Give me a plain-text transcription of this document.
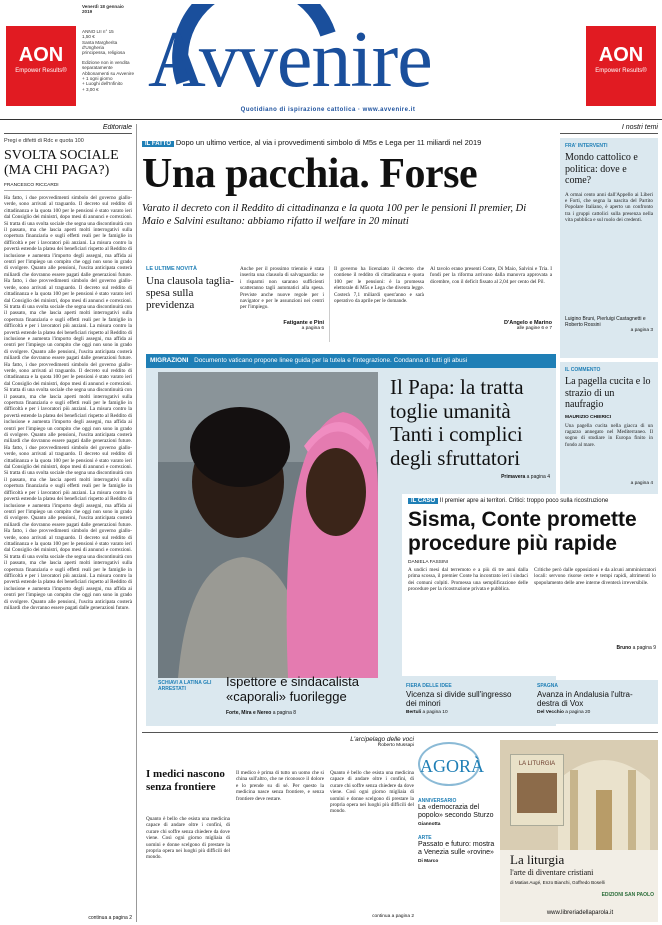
AON
Empower Results®
Venerdì 18 gennaio 2019
ANNO LII n° 15
1,50 €
Santa Margherita d'Ungheria
principessa, religiosa
Edizione non in vendita separatamente
Abbonamenti su Avvenire
+ 1 ogni giorno
+ Luoghi dell'Infinito
+ 3,00 € Avvenire
Quotidiano di ispirazione cattolica · www.avvenire.it
AON
Empower Results®
Editoriale
Pregi e difetti di Rdc e quota 100
SVOLTA SOCIALE (MA CHI PAGA?)
FRANCESCO RICCARDI
Ha fatto, i due provvedimenti simbolo del governo giallo-verde, sono arrivati al traguardo. Il decreto sul reddito di cittadinanza e la quota 100 per le pensioni è stato varato ieri dal Consiglio dei ministri, dopo mesi di annunci e correzioni. Si tratta di una svolta sociale che segna una discontinuità con il passato, ma che lascia aperti molti interrogativi sulla copertura finanziaria e sugli effetti reali per le famiglie in difficoltà e per i lavoratori più anziani. La misura contro la povertà estende la platea dei beneficiari rispetto al Reddito di inclusione e aumenta l'importo degli assegni, ma affida ai centri per l'impiego un compito che oggi non sono in grado di svolgere. Quanto alle pensioni, l'uscita anticipata costerà miliardi che dovranno essere pagati dalle generazioni future. Ha fatto, i due provvedimenti simbolo del governo giallo-verde, sono arrivati al traguardo. Il decreto sul reddito di cittadinanza e la quota 100 per le pensioni è stato varato ieri dal Consiglio dei ministri, dopo mesi di annunci e correzioni. Si tratta di una svolta sociale che segna una discontinuità con il passato, ma che lascia aperti molti interrogativi sulla copertura finanziaria e sugli effetti reali per le famiglie in difficoltà e per i lavoratori più anziani. La misura contro la povertà estende la platea dei beneficiari rispetto al Reddito di inclusione e aumenta l'importo degli assegni, ma affida ai centri per l'impiego un compito che oggi non sono in grado di svolgere. Quanto alle pensioni, l'uscita anticipata costerà miliardi che dovranno essere pagati dalle generazioni future. Ha fatto, i due provvedimenti simbolo del governo giallo-verde, sono arrivati al traguardo. Il decreto sul reddito di cittadinanza e la quota 100 per le pensioni è stato varato ieri dal Consiglio dei ministri, dopo mesi di annunci e correzioni. Si tratta di una svolta sociale che segna una discontinuità con il passato, ma che lascia aperti molti interrogativi sulla copertura finanziaria e sugli effetti reali per le famiglie in difficoltà e per i lavoratori più anziani. La misura contro la povertà estende la platea dei beneficiari rispetto al Reddito di inclusione e aumenta l'importo degli assegni, ma affida ai centri per l'impiego un compito che oggi non sono in grado di svolgere. Quanto alle pensioni, l'uscita anticipata costerà miliardi che dovranno essere pagati dalle generazioni future. Ha fatto, i due provvedimenti simbolo del governo giallo-verde, sono arrivati al traguardo. Il decreto sul reddito di cittadinanza e la quota 100 per le pensioni è stato varato ieri dal Consiglio dei ministri, dopo mesi di annunci e correzioni. Si tratta di una svolta sociale che segna una discontinuità con il passato, ma che lascia aperti molti interrogativi sulla copertura finanziaria e sugli effetti reali per le famiglie in difficoltà e per i lavoratori più anziani. La misura contro la povertà estende la platea dei beneficiari rispetto al Reddito di inclusione e aumenta l'importo degli assegni, ma affida ai centri per l'impiego un compito che oggi non sono in grado di svolgere. Quanto alle pensioni, l'uscita anticipata costerà miliardi che dovranno essere pagati dalle generazioni future. Ha fatto, i due provvedimenti simbolo del governo giallo-verde, sono arrivati al traguardo. Il decreto sul reddito di cittadinanza e la quota 100 per le pensioni è stato varato ieri dal Consiglio dei ministri, dopo mesi di annunci e correzioni. Si tratta di una svolta sociale che segna una discontinuità con il passato, ma che lascia aperti molti interrogativi sulla copertura finanziaria e sugli effetti reali per le famiglie in difficoltà e per i lavoratori più anziani. La misura contro la povertà estende la platea dei beneficiari rispetto al Reddito di inclusione e aumenta l'importo degli assegni, ma affida ai centri per l'impiego un compito che oggi non sono in grado di svolgere. Quanto alle pensioni, l'uscita anticipata costerà miliardi che dovranno essere pagati dalle generazioni future.
continua a pagina 2
IL FATTO Dopo un ultimo vertice, al via i provvedimenti simbolo di M5s e Lega per 11 miliardi nel 2019
Una pacchia. Forse
Varato il decreto con il Reddito di cittadinanza e la quota 100 per le pensioni Il premier, Di Maio e Salvini esultano: abbiamo rifatto il welfare in 20 minuti
LE ULTIME NOVITÀ
Una clausola taglia-spesa sulla previdenza
Anche per il prossimo triennio è stata inserita una clausola di salvaguardia: se i risparmi non saranno sufficienti scatteranno tagli automatici alla spesa. Previste anche nuove regole per i navigator e per le assunzioni nei centri per l'impiego.
Fatigante e Pini
a pagina 6
Il governo ha licenziato il decreto che contiene il reddito di cittadinanza e quota 100 per le pensioni: è la promessa elettorale di M5s e Lega che diventa legge. Costerà 7,1 miliardi quest'anno e sarà operativo da aprile per le domande.
Al tavolo erano presenti Conte, Di Maio, Salvini e Tria. I fondi per la riforma arrivano dalla manovra approvata a dicembre, con il deficit fissato al 2,04 per cento del Pil.
D'Angelo e Marino
alle pagine 6 e 7
I nostri temi
FRA' INTERVENTI
Mondo cattolico e politica: dove e come?
A ormai cento anni dall'Appello ai Liberi e Forti, che segna la nascita del Partito Popolare Italiano, è aperto un confronto tra i gruppi cattolici sulla presenza nella vita pubblica e sul ruolo dei credenti.
Luigino Bruni, Pierluigi Castagnetti e Roberto Rossini
a pagina 3
IL COMMENTO
La pagella cucita e lo strazio di un naufragio
MAURIZIO CHIERICI
Una pagella cucita nella giacca di un ragazzo annegato nel Mediterraneo. Il sogno di studiare in Europa finito in fondo al mare.
a pagina 4
MIGRAZIONI Documento vaticano propone linee guida per la tutela e l'integrazione. Condanna di tutti gli abusi
Il Papa: la tratta toglie umanità Tanti i complici degli sfruttatori
Primavera a pagina 4
SCHIAVI A LATINA GLI ARRESTATI	Ispettore e sindacalista «caporali» fuorilegge
Forte, Mira e Nereo a pagina 8
IL CASO Il premier apre ai territori. Critici: troppo poco sulla ricostruzione
Sisma, Conte promette procedure più rapide
DANIELA FASSINI
A undici mesi dal terremoto e a più di tre anni dalla prima scossa, il premier Conte ha incontrato ieri i sindaci dei comuni colpiti. Promessa una semplificazione delle procedure per la ricostruzione privata e pubblica.
Critiche però dalle opposizioni e da alcuni amministratori locali: servono risorse certe e tempi rapidi, altrimenti lo spopolamento delle aree interne diventerà irreversibile.
Bruno a pagina 9
FIERA DELLE IDEE
Vicenza si divide sull'ingresso dei minori
Bertuli a pagina 10
SPAGNA
Avanza in Andalusia l'ultra-destra di Vox
Del Vecchio a pagina 20
L'arcipelago delle voci
Roberto Mussapi
I medici nascono senza frontiere
Quanto è bello che esista una medicina capace di andare oltre i confini, di curare chi soffre senza chiedere da dove viene. Così ogni giorno migliaia di uomini e donne scelgono di prestare la propria opera nei luoghi più difficili del mondo.
Il medico è prima di tutto un uomo che si china sull'altro, che ne riconosce il dolore e lo prende su di sé. Per questo la medicina nasce senza frontiere, e senza frontiere deve restare.
Quanto è bello che esista una medicina capace di andare oltre i confini, di curare chi soffre senza chiedere da dove viene. Così ogni giorno migliaia di uomini e donne scelgono di prestare la propria opera nei luoghi più difficili del mondo.
continua a pagina 2
AGORÀ
ANNIVERSARIO
La «democrazia del popolo» secondo Sturzo
Giannotta
ARTE
Passato e futuro: mostra a Venezia sulle «rovine»
Di Marco
LA LITURGIA
La liturgia
l'arte di diventare cristiani
di Matias Augé, Enzo Bianchi, Goffredo Boselli
EDIZIONI SAN PAOLO
www.libreriadellaparola.it
